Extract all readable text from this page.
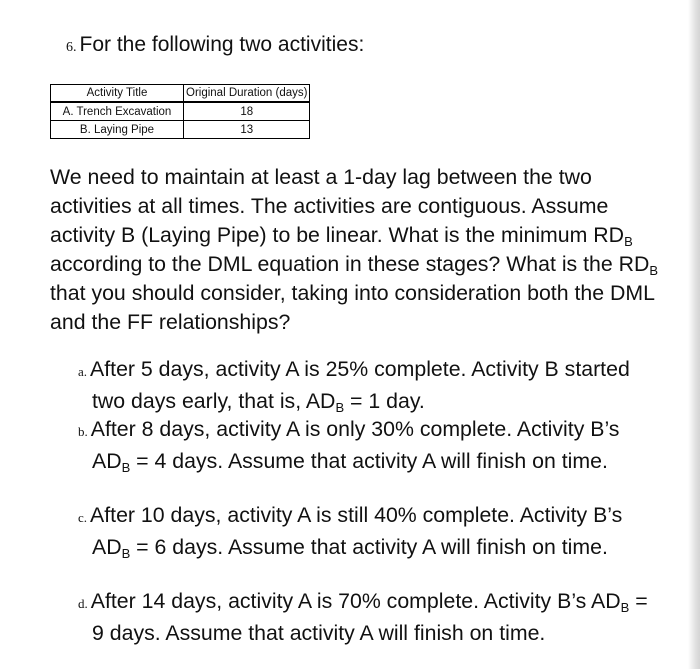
6. For the following two activities:
Activity Title	Original Duration (days)
A. Trench Excavation	18
B. Laying Pipe	13
We need to maintain at least a 1-day lag between the two activities at all times. The activities are contiguous. Assume activity B (Laying Pipe) to be linear. What is the minimum $RD_B$ according to the DML equation in these stages? What is the $RD_B$ that you should consider, taking into consideration both the DML and the FF relationships?
a. After 5 days, activity A is 25% complete. Activity B started two days early, that is, $AD_B = 1$ day.
b. After 8 days, activity A is only 30% complete. Activity B’s $AD_B = 4$ days. Assume that activity A will finish on time.
c. After 10 days, activity A is still 40% complete. Activity B’s $AD_B = 6$ days. Assume that activity A will finish on time.
d. After 14 days, activity A is 70% complete. Activity B’s $AD_B = 9$ days. Assume that activity A will finish on time.
